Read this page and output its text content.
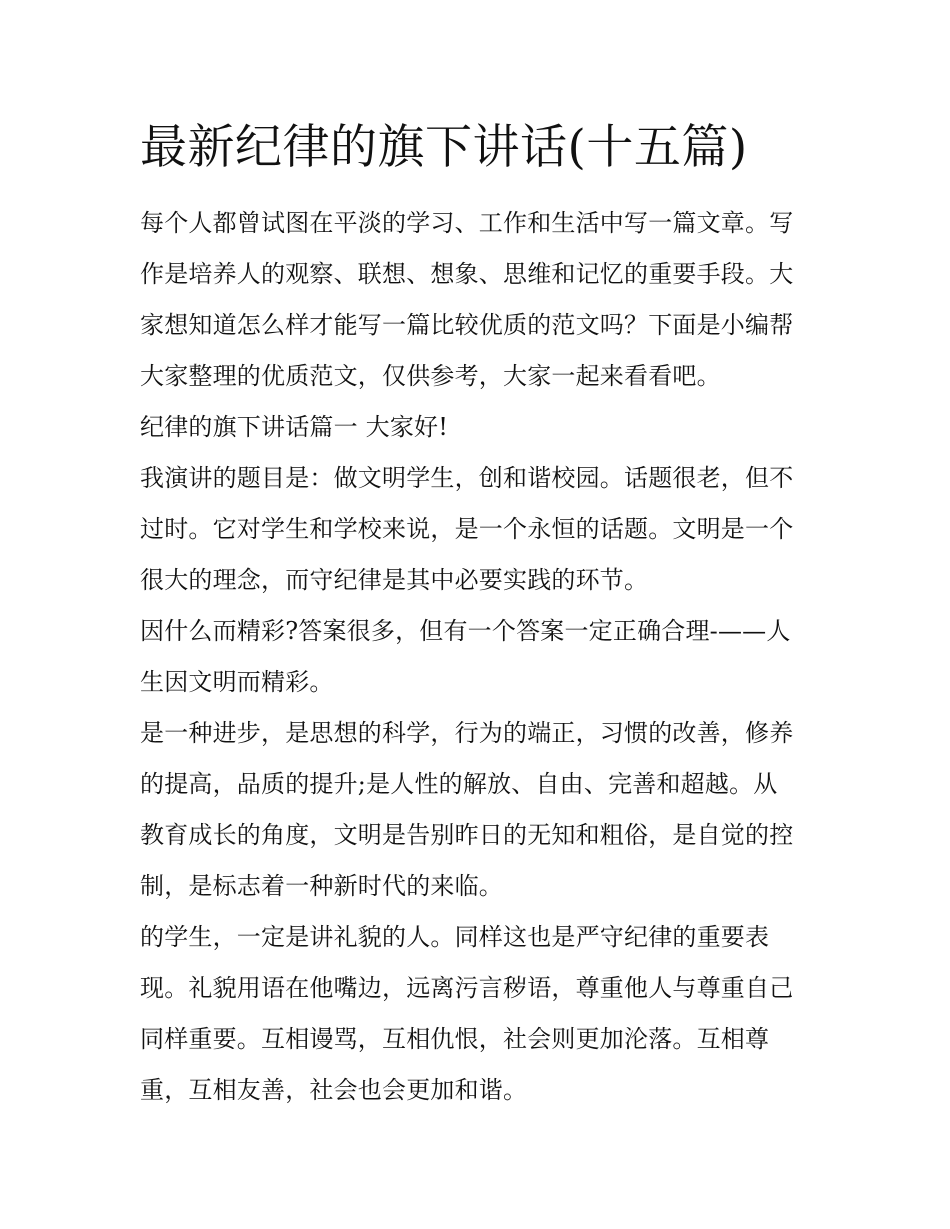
最新纪律的旗下讲话(十五篇)

每个人都曾试图在平淡的学习、工作和生活中写一篇文章。写
作是培养人的观察、联想、想象、思维和记忆的重要手段。大
家想知道怎么样才能写一篇比较优质的范文吗？下面是小编帮
大家整理的优质范文，仅供参考，大家一起来看看吧。

纪律的旗下讲话篇一 大家好!

我演讲的题目是：做文明学生，创和谐校园。话题很老，但不
过时。它对学生和学校来说，是一个永恒的话题。文明是一个
很大的理念，而守纪律是其中必要实践的环节。

因什么而精彩?答案很多，但有一个答案一定正确合理-——人
生因文明而精彩。

是一种进步，是思想的科学，行为的端正，习惯的改善，修养
的提高，品质的提升;是人性的解放、自由、完善和超越。从
教育成长的角度，文明是告别昨日的无知和粗俗，是自觉的控
制，是标志着一种新时代的来临。

的学生，一定是讲礼貌的人。同样这也是严守纪律的重要表
现。礼貌用语在他嘴边，远离污言秽语，尊重他人与尊重自己
同样重要。互相谩骂，互相仇恨，社会则更加沦落。互相尊
重，互相友善，社会也会更加和谐。
